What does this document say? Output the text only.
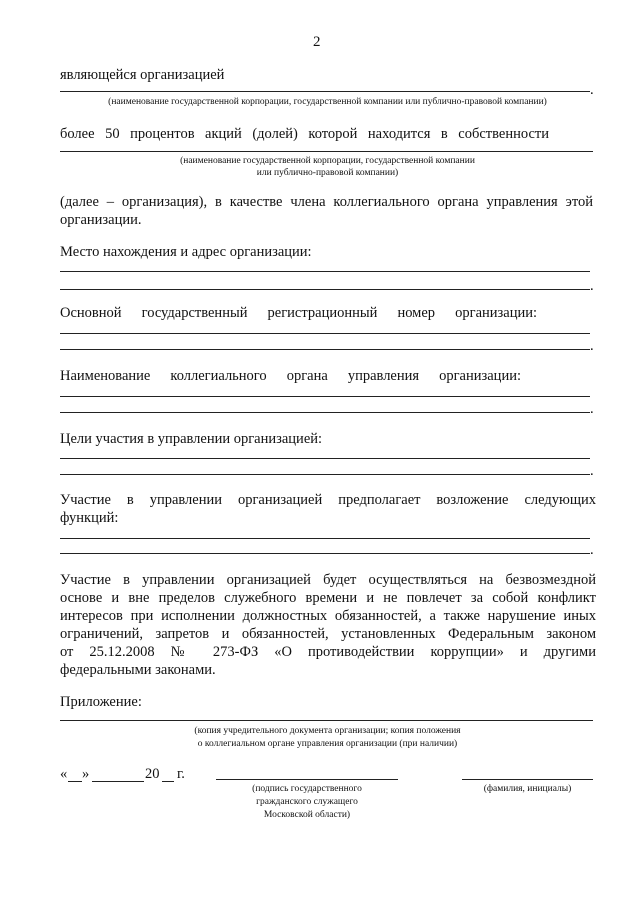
2
являющейся организацией
.
(наименование государственной корпорации, государственной компании или публично-правовой компании)
более 50 процентов акций (долей) которой находится в собственности
(наименование государственной корпорации, государственной компании
или публично-правовой компании)
(далее – организация), в качестве члена коллегиального органа управления этой
организации.
Место нахождения и адрес организации:
.
Основной государственный регистрационный номер организации:
.
Наименование коллегиального органа управления организации:
.
Цели участия в управлении организацией:
.
Участие в управлении организацией предполагает возложение следующих
функций:
.
Участие в управлении организацией будет осуществляться на безвозмездной
основе и вне пределов служебного времени и не повлечет за собой конфликт
интересов при исполнении должностных обязанностей, а также нарушение иных
ограничений, запретов и обязанностей, установленных Федеральным законом
от 25.12.2008 № 273-ФЗ «О противодействии коррупции» и другими
федеральными законами.
Приложение:
(копия учредительного документа организации; копия положения
о коллегиальном органе управления организации (при наличии)
« »	20 г.
(подпись государственного
гражданского служащего
Московской области)
(фамилия, инициалы)
